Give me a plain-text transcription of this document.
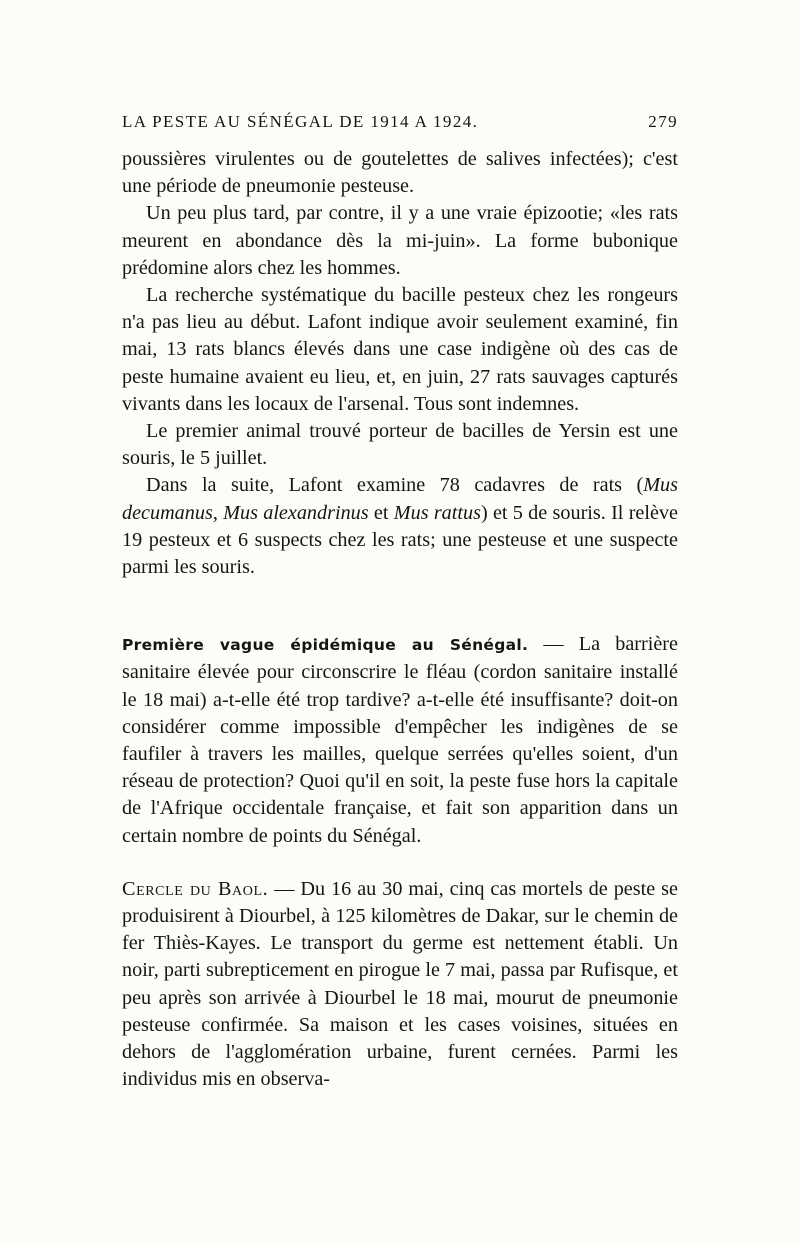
LA PESTE AU SÉNÉGAL DE 1914 A 1924.	279

poussières virulentes ou de goutelettes de salives infectées); c'est une période de pneumonie pesteuse.

Un peu plus tard, par contre, il y a une vraie épizootie; «les rats meurent en abondance dès la mi-juin». La forme bubonique prédomine alors chez les hommes.

La recherche systématique du bacille pesteux chez les rongeurs n'a pas lieu au début. Lafont indique avoir seulement examiné, fin mai, 13 rats blancs élevés dans une case indigène où des cas de peste humaine avaient eu lieu, et, en juin, 27 rats sauvages capturés vivants dans les locaux de l'arsenal. Tous sont indemnes.

Le premier animal trouvé porteur de bacilles de Yersin est une souris, le 5 juillet.

Dans la suite, Lafont examine 78 cadavres de rats (Mus decumanus, Mus alexandrinus et Mus rattus) et 5 de souris. Il relève 19 pesteux et 6 suspects chez les rats; une pesteuse et une suspecte parmi les souris.

Première vague épidémique au Sénégal. — La barrière sanitaire élevée pour circonscrire le fléau (cordon sanitaire installé le 18 mai) a-t-elle été trop tardive? a-t-elle été insuffisante? doit-on considérer comme impossible d'empêcher les indigènes de se faufiler à travers les mailles, quelque serrées qu'elles soient, d'un réseau de protection? Quoi qu'il en soit, la peste fuse hors la capitale de l'Afrique occidentale française, et fait son apparition dans un certain nombre de points du Sénégal.

Cercle du Baol. — Du 16 au 30 mai, cinq cas mortels de peste se produisirent à Diourbel, à 125 kilomètres de Dakar, sur le chemin de fer Thiès-Kayes. Le transport du germe est nettement établi. Un noir, parti subrepticement en pirogue le 7 mai, passa par Rufisque, et peu après son arrivée à Diourbel le 18 mai, mourut de pneumonie pesteuse confirmée. Sa maison et les cases voisines, situées en dehors de l'agglomération urbaine, furent cernées. Parmi les individus mis en observa-
